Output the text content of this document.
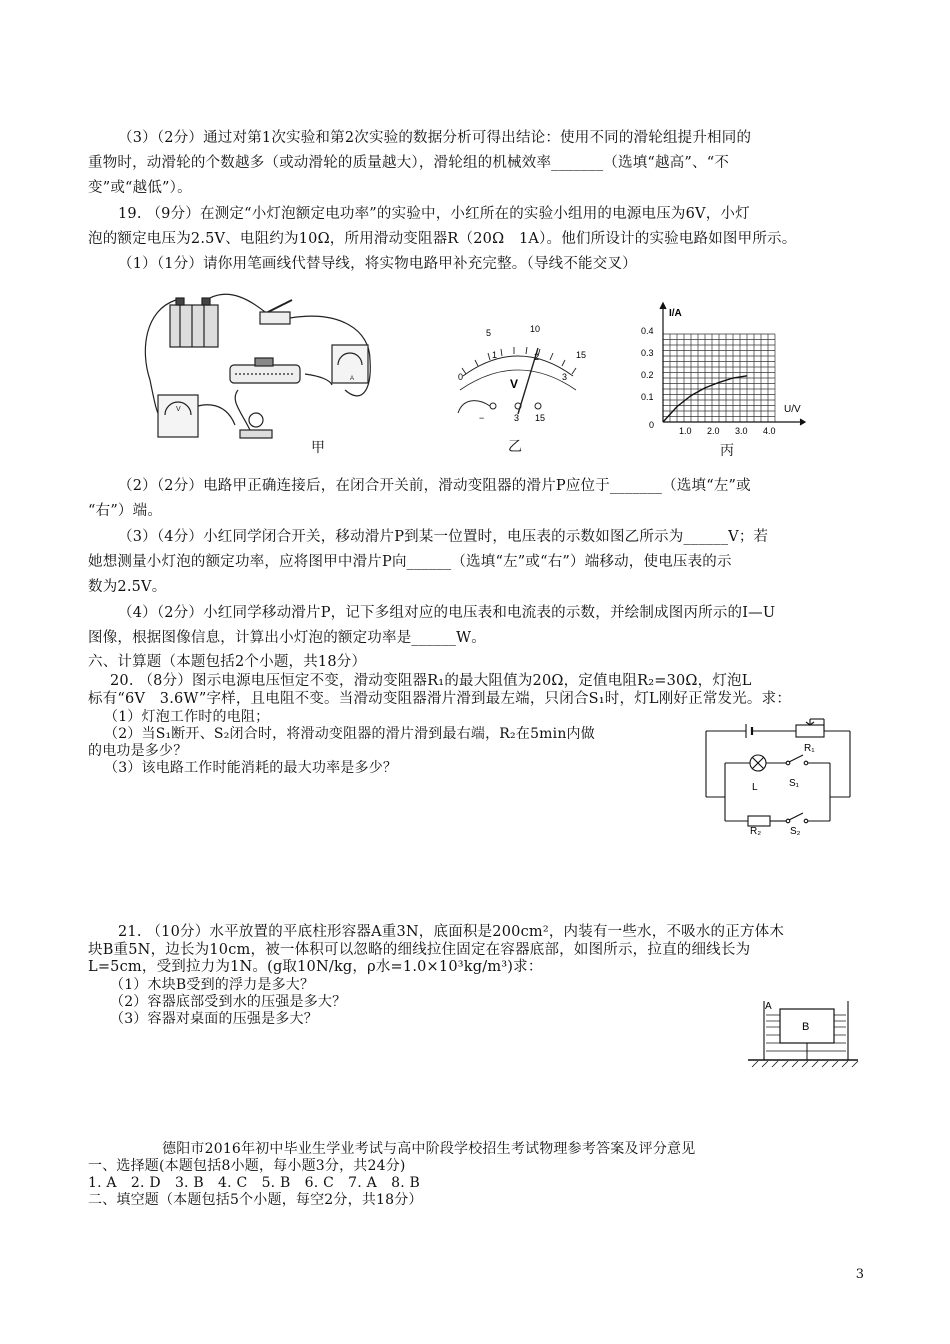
（3）（2分）通过对第1次实验和第2次实验的数据分析可得出结论：使用不同的滑轮组提升相同的
重物时，动滑轮的个数越多（或动滑轮的质量越大），滑轮组的机械效率_______（选填“越高”、“不
变”或“越低”）。
19. （9分）在测定“小灯泡额定电功率”的实验中，小红所在的实验小组用的电源电压为6V，小灯
泡的额定电压为2.5V、电阻约为10Ω，所用滑动变阻器R（20Ω　1A）。他们所设计的实验电路如图甲所示。
（1）（1分）请你用笔画线代替导线，将实物电路甲补充完整。（导线不能交叉）
A
V
甲
5	10
15
0
1	2
3
V
−	3 15
乙
I/A
U/V
0.4
0.3
0.2
0.1
0
1.0 2.0 3.0 4.0
丙
（2）（2分）电路甲正确连接后，在闭合开关前，滑动变阻器的滑片P应位于_______（选填“左”或
“右”）端。
（3）（4分）小红同学闭合开关，移动滑片P到某一位置时，电压表的示数如图乙所示为______V；若
她想测量小灯泡的额定功率，应将图甲中滑片P向______（选填“左”或“右”）端移动，使电压表的示
数为2.5V。
（4）（2分）小红同学移动滑片P，记下多组对应的电压表和电流表的示数，并绘制成图丙所示的I—U
图像，根据图像信息，计算出小灯泡的额定功率是______W。
六、计算题（本题包括2个小题，共18分）
20. （8分）图示电源电压恒定不变，滑动变阻器R₁的最大阻值为20Ω，定值电阻R₂=30Ω，灯泡L
标有“6V　3.6W”字样，且电阻不变。当滑动变阻器滑片滑到最左端，只闭合S₁时，灯L刚好正常发光。求：
（1）灯泡工作时的电阻；
（2）当S₁断开、S₂闭合时，将滑动变阻器的滑片滑到最右端，R₂在5min内做
的电功是多少？
（3）该电路工作时能消耗的最大功率是多少？
R₁
L	S₁
R₂	S₂
21. （10分）水平放置的平底柱形容器A重3N，底面积是200cm²，内装有一些水，不吸水的正方体木
块B重5N，边长为10cm，被一体积可以忽略的细线拉住固定在容器底部，如图所示，拉直的细线长为
L=5cm，受到拉力为1N。(g取10N/kg，ρ水=1.0×10³kg/m³)求：
（1）木块B受到的浮力是多大？
（2）容器底部受到水的压强是多大？
（3）容器对桌面的压强是多大？
A
B
德阳市2016年初中毕业生学业考试与高中阶段学校招生考试物理参考答案及评分意见
一、选择题(本题包括8小题，每小题3分，共24分)
1. A　2. D　3. B　4. C　5. B　6. C　7. A　8. B
二、填空题（本题包括5个小题，每空2分，共18分）
3
